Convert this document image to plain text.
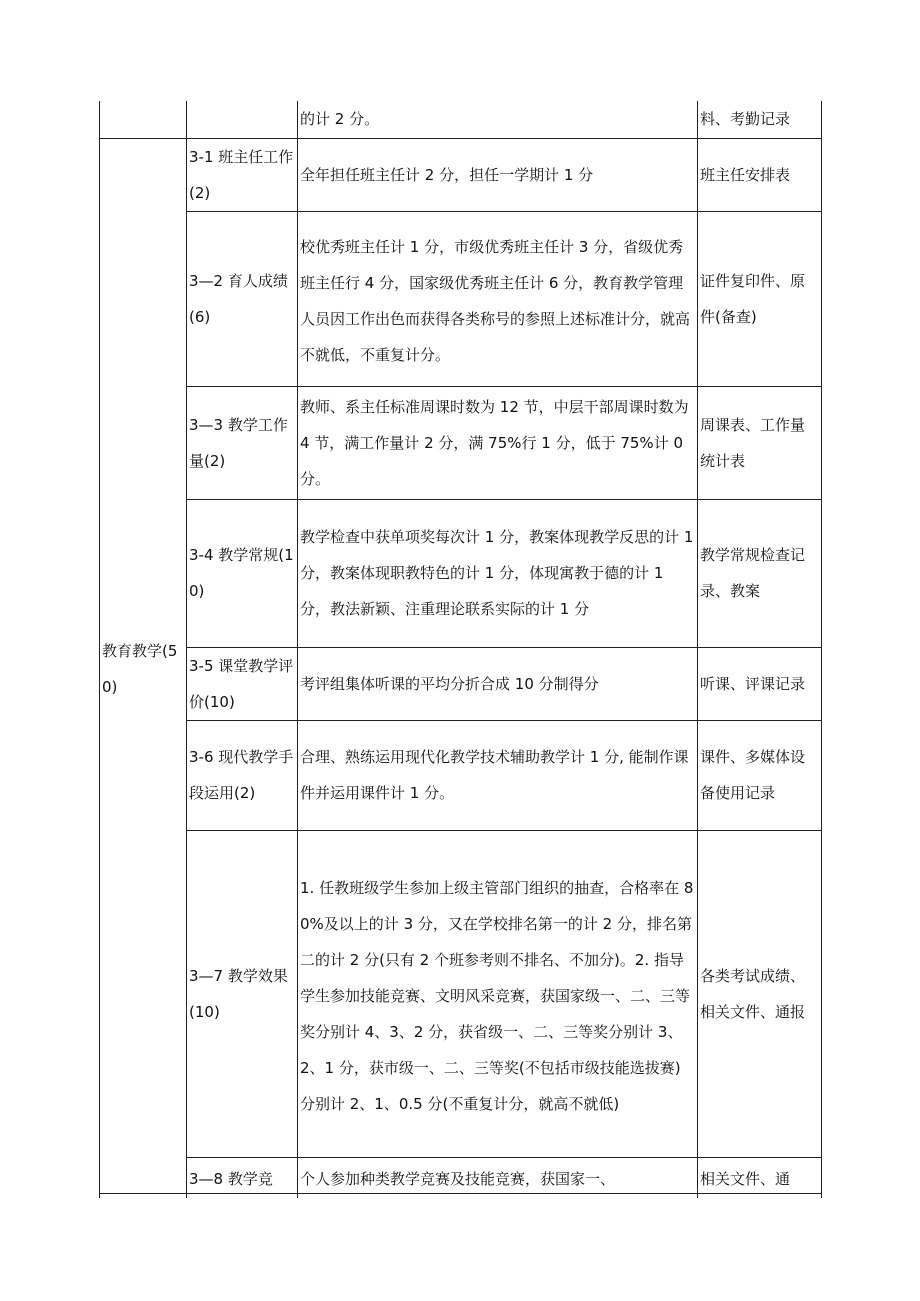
		的计 2 分。	料、考勤记录

教育教学(50)	3-1 班主任工作(2)	全年担任班主任计 2 分，担任一学期计 1 分	班主任安排表
	3—2 育人成绩(6)	校优秀班主任计 1 分，市级优秀班主任计 3 分，省级优秀班主任行 4 分，国家级优秀班主任计 6 分，教育教学管理人员因工作出色而获得各类称号的参照上述标准计分，就高不就低，不重复计分。	证件复印件、原件(备查)
	3—3 教学工作量(2)	教师、系主任标准周课时数为 12 节，中层干部周课时数为 4 节，满工作量计 2 分，满 75%行 1 分，低于 75%计 0 分。	周课表、工作量统计表
	3-4 教学常规(10)	教学检查中获单项奖每次计 1 分，教案体现教学反思的计 1 分，教案体现职教特色的计 1 分，体现寓教于德的计 1 分，教法新颖、注重理论联系实际的计 1 分	教学常规检查记录、教案
	3-5 课堂教学评价(10)	考评组集体听课的平均分折合成 10 分制得分	听课、评课记录
	3-6 现代教学手段运用(2)	合理、熟练运用现代化教学技术辅助教学计 1 分, 能制作课件并运用课件计 1 分。	课件、多媒体设备使用记录
	3—7 教学效果(10)	1. 任教班级学生参加上级主管部门组织的抽查，合格率在 80%及以上的计 3 分，又在学校排名第一的计 2 分，排名第二的计 2 分(只有 2 个班参考则不排名、不加分)。2. 指导学生参加技能竞赛、文明风采竞赛，获国家级一、二、三等奖分别计 4、3、2 分，获省级一、二、三等奖分别计 3、2、1 分，获市级一、二、三等奖(不包括市级技能选拔赛)分别计 2、1、0.5 分(不重复计分，就高不就低)	各类考试成绩、相关文件、通报
	3—8 教学竞	个人参加种类教学竞赛及技能竞赛，获国家一、	相关文件、通
